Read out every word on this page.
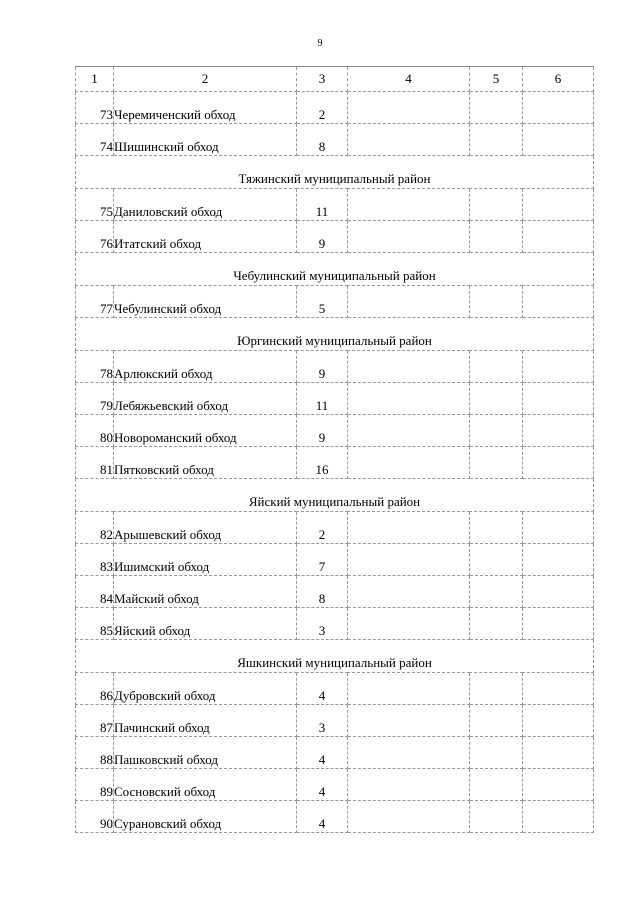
9
1	2	3	4	5	6
73	Черемиченский обход	2			
74	Шишинский обход	8			
Тяжинский муниципальный район					
75	Даниловский обход	11			
76	Итатский обход	9			
Чебулинский муниципальный район					
77	Чебулинский обход	5			
Юргинский муниципальный район					
78	Арлюкский обход	9			
79	Лебяжьевский обход	11			
80	Новороманский обход	9			
81	Пятковский обход	16			
Яйский муниципальный район					
82	Арышевский обход	2			
83	Ишимский обход	7			
84	Майский обход	8			
85	Яйский обход	3			
Яшкинский муниципальный район					
86	Дубровский обход	4			
87	Пачинский обход	3			
88	Пашковский обход	4			
89	Сосновский обход	4			
90	Сурановский обход	4			
